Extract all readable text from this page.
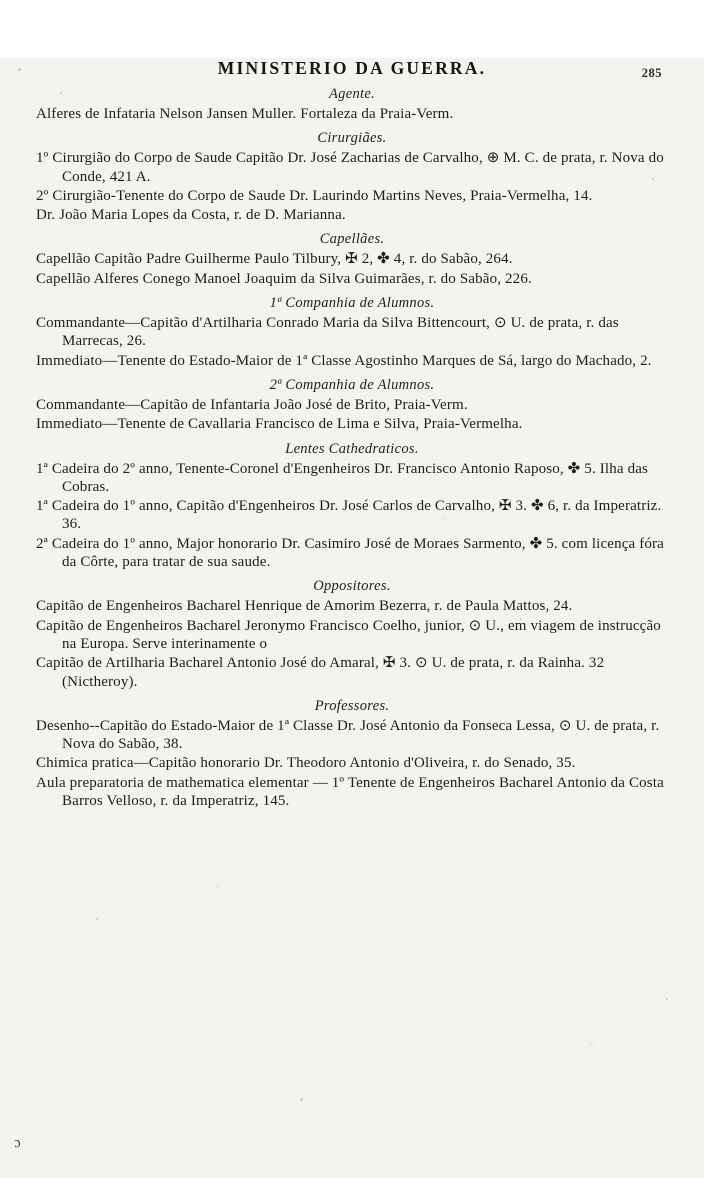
MINISTERIO DA GUERRA.	285
Agente.
Alferes de Infataria Nelson Jansen Muller. Fortaleza da Praia-Verm.
Cirurgiães.
1º Cirurgião do Corpo de Saude Capitão Dr. José Zacharias de Carvalho, ⊕ M. C. de prata, r. Nova do Conde, 421 A.
2º Cirurgião-Tenente do Corpo de Saude Dr. Laurindo Martins Neves, Praia-Vermelha, 14.
Dr. João Maria Lopes da Costa, r. de D. Marianna.
Capellães.
Capellão Capitão Padre Guilherme Paulo Tilbury, ✠ 2, ✤ 4, r. do Sabão, 264.
Capellão Alferes Conego Manoel Joaquim da Silva Guimarães, r. do Sabão, 226.
1ª Companhia de Alumnos.
Commandante—Capitão d'Artilharia Conrado Maria da Silva Bittencourt, ⊙ U. de prata, r. das Marrecas, 26.
Immediato—Tenente do Estado-Maior de 1ª Classe Agostinho Marques de Sá, largo do Machado, 2.
2ª Companhia de Alumnos.
Commandante—Capitão de Infantaria João José de Brito, Praia-Verm.
Immediato—Tenente de Cavallaria Francisco de Lima e Silva, Praia-Vermelha.
Lentes Cathedraticos.
1ª Cadeira do 2º anno, Tenente-Coronel d'Engenheiros Dr. Francisco Antonio Raposo, ✤ 5. Ilha das Cobras.
1ª Cadeira do 1º anno, Capitão d'Engenheiros Dr. José Carlos de Carvalho, ✠ 3. ✤ 6, r. da Imperatriz. 36.
2ª Cadeira do 1º anno, Major honorario Dr. Casimiro José de Moraes Sarmento, ✤ 5. com licença fóra da Côrte, para tratar de sua saude.
Oppositores.
Capitão de Engenheiros Bacharel Henrique de Amorim Bezerra, r. de Paula Mattos, 24.
Capitão de Engenheiros Bacharel Jeronymo Francisco Coelho, junior, ⊙ U., em viagem de instrucção na Europa. Serve interinamente o
Capitão de Artilharia Bacharel Antonio José do Amaral, ✠ 3. ⊙ U. de prata, r. da Rainha. 32 (Nictheroy).
Professores.
Desenho--Capitão do Estado-Maior de 1ª Classe Dr. José Antonio da Fonseca Lessa, ⊙ U. de prata, r. Nova do Sabão, 38.
Chimica pratica—Capitão honorario Dr. Theodoro Antonio d'Oliveira, r. do Senado, 35.
Aula preparatoria de mathematica elementar — 1º Tenente de Engenheiros Bacharel Antonio da Costa Barros Velloso, r. da Imperatriz, 145.
ɔ
